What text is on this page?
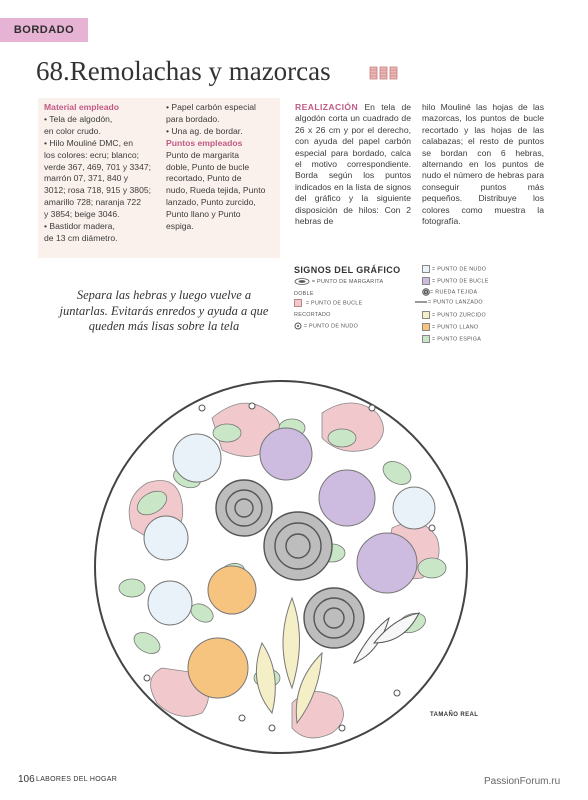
BORDADO
68.Remolachas y mazorcas

Material empleado

• Tela de algodón,

en color crudo.

• Hilo Mouliné DMC, en

los colores: ecru; blanco;

verde 367, 469, 701 y 3347;

marrón 07, 371, 840 y

3012; rosa 718, 915 y 3805;

amarillo 728; naranja 722

y 3854; beige 3046.

• Bastidor madera,

de 13 cm diámetro.

• Papel carbón especial

para bordado.

• Una ag. de bordar.

Puntos empleados

Punto de margarita

doble, Punto de bucle

recortado, Punto de

nudo, Rueda tejida, Punto

lanzado, Punto zurcido,

Punto llano y Punto

espiga.

REALIZACIÓN En tela de algodón corta un cuadrado de 26 x 26 cm y por el derecho, con ayuda del papel carbón especial para bordado, calca el motivo correspondiente. Borda según los puntos indicados en la lista de signos del gráfico y la siguiente disposición de hilos: Con 2 hebras de
hilo Mouliné las hojas de las mazorcas, los puntos de bucle recortado y las hojas de las calabazas; el resto de puntos se bordan con 6 hebras, alternando en los puntos de nudo el número de hebras para conseguir puntos más pequeños. Distribuye los colores como muestra la fotografía.
Separa las hebras y luego vuelve a juntarlas. Evitarás enredos y ayuda a que queden más lisas sobre la tela
SIGNOS DEL GRÁFICO
= PUNTO DE MARGARITA
DOBLE
= PUNTO DE BUCLE
RECORTADO
= PUNTO DE NUDO
= PUNTO DE NUDO
= PUNTO DE BUCLE
= RUEDA TEJIDA
= PUNTO LANZADO
= PUNTO ZURCIDO
= PUNTO LLANO
= PUNTO ESPIGA
TAMAÑO REAL
106 LABORES DEL HOGAR	PassionForum.ru
